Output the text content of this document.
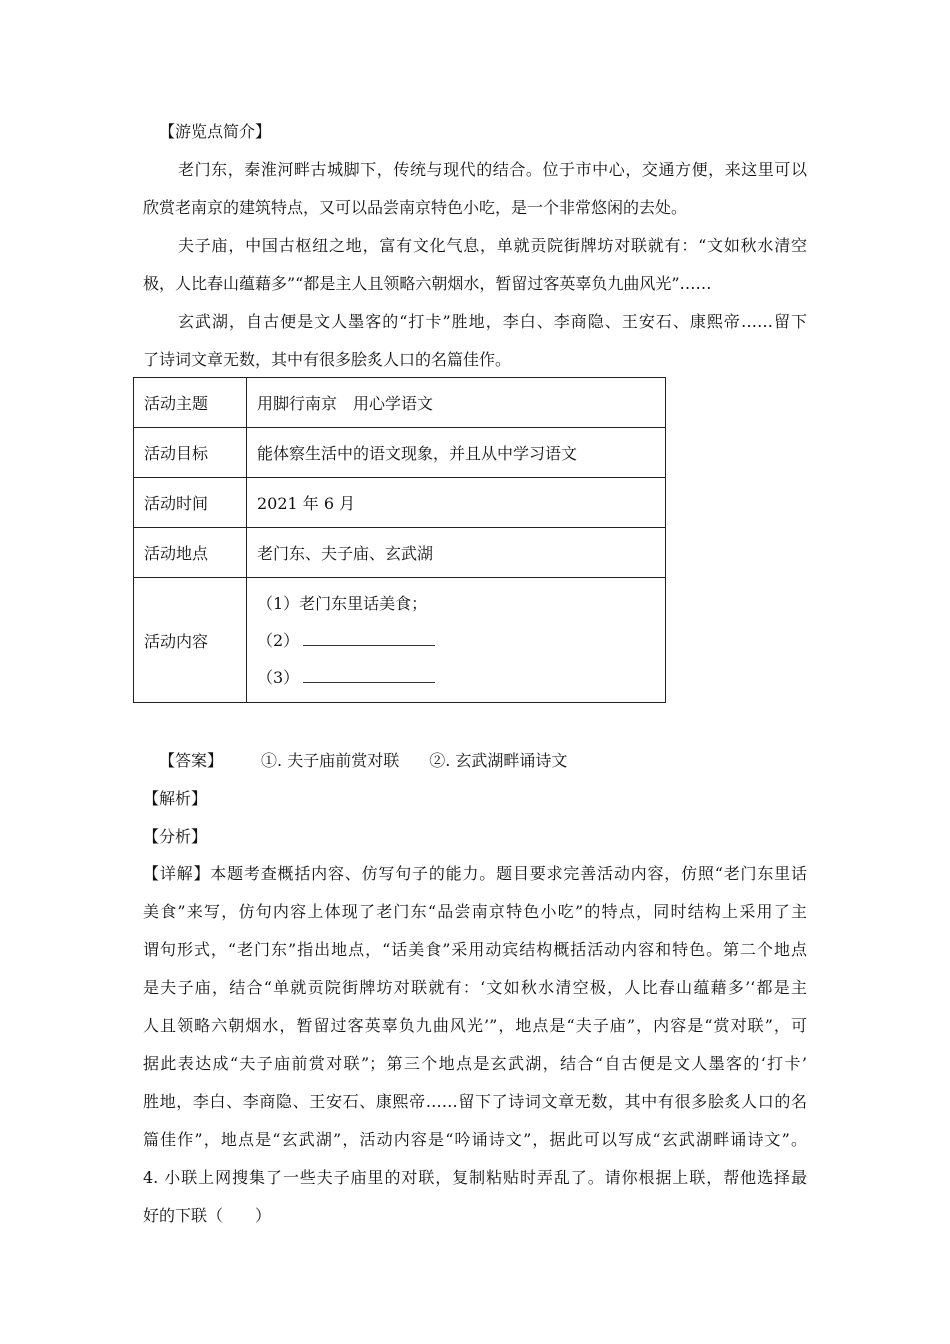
【游览点简介】
老门东，秦淮河畔古城脚下，传统与现代的结合。位于市中心，交通方便，来这里可以
欣赏老南京的建筑特点，又可以品尝南京特色小吃，是一个非常悠闲的去处。
夫子庙，中国古枢纽之地，富有文化气息，单就贡院街牌坊对联就有：“文如秋水清空
极，人比春山蕴藉多”“都是主人且领略六朝烟水，暂留过客英辜负九曲风光”……
玄武湖，自古便是文人墨客的“打卡”胜地，李白、李商隐、王安石、康熙帝……留下
了诗词文章无数，其中有很多脍炙人口的名篇佳作。
活动主题	用脚行南京　用心学语文
活动目标	能体察生活中的语文现象，并且从中学习语文
活动时间	2021 年 6 月
活动地点	老门东、夫子庙、玄武湖
活动内容	（1）老门东里话美食；
（2）
（3）
【答案】 ①. 夫子庙前赏对联 ②. 玄武湖畔诵诗文
【解析】
【分析】
【详解】本题考查概括内容、仿写句子的能力。题目要求完善活动内容，仿照“老门东里话
美食”来写，仿句内容上体现了老门东“品尝南京特色小吃”的特点，同时结构上采用了主
谓句形式，“老门东”指出地点，“话美食”采用动宾结构概括活动内容和特色。第二个地点
是夫子庙，结合“单就贡院街牌坊对联就有：‘文如秋水清空极，人比春山蕴藉多’‘都是主
人且领略六朝烟水，暂留过客英辜负九曲风光’”，地点是“夫子庙”，内容是“赏对联”，可
据此表达成“夫子庙前赏对联”；第三个地点是玄武湖，结合“自古便是文人墨客的‘打卡’
胜地，李白、李商隐、王安石、康熙帝……留下了诗词文章无数，其中有很多脍炙人口的名
篇佳作”，地点是“玄武湖”，活动内容是“吟诵诗文”，据此可以写成“玄武湖畔诵诗文”。
4. 小联上网搜集了一些夫子庙里的对联，复制粘贴时弄乱了。请你根据上联，帮他选择最
好的下联（　　）
